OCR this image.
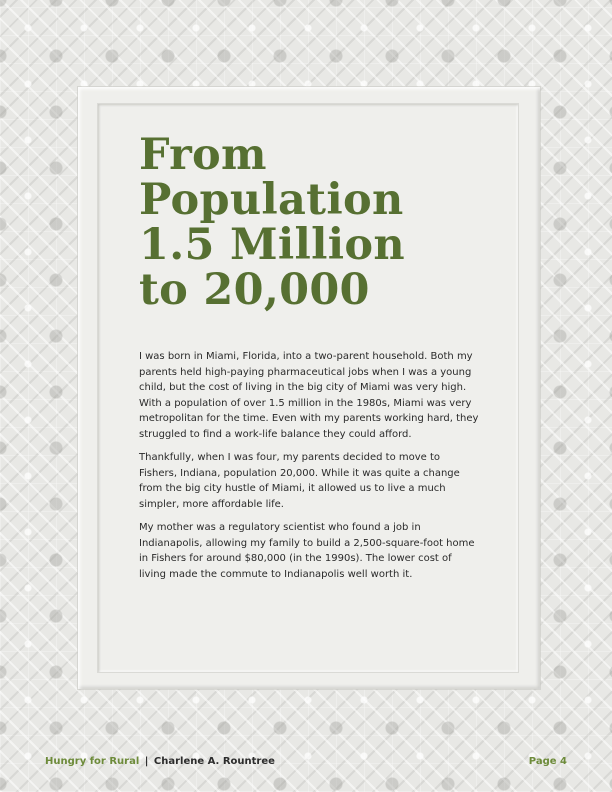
From
Population
1.5 Million
to 20,000

I was born in Miami, Florida, into a two-parent household. Both my parents held high-paying pharmaceutical jobs when I was a young child, but the cost of living in the big city of Miami was very high. With a population of over 1.5 million in the 1980s, Miami was very metropolitan for the time. Even with my parents working hard, they struggled to find a work-life balance they could afford.

Thankfully, when I was four, my parents decided to move to Fishers, Indiana, population 20,000. While it was quite a change from the big city hustle of Miami, it allowed us to live a much simpler, more affordable life.

My mother was a regulatory scientist who found a job in Indianapolis, allowing my family to build a 2,500-square-foot home in Fishers for around $80,000 (in the 1990s). The lower cost of living made the commute to Indianapolis well worth it.

Hungry for Rural | Charlene A. Rountree	Page 4
